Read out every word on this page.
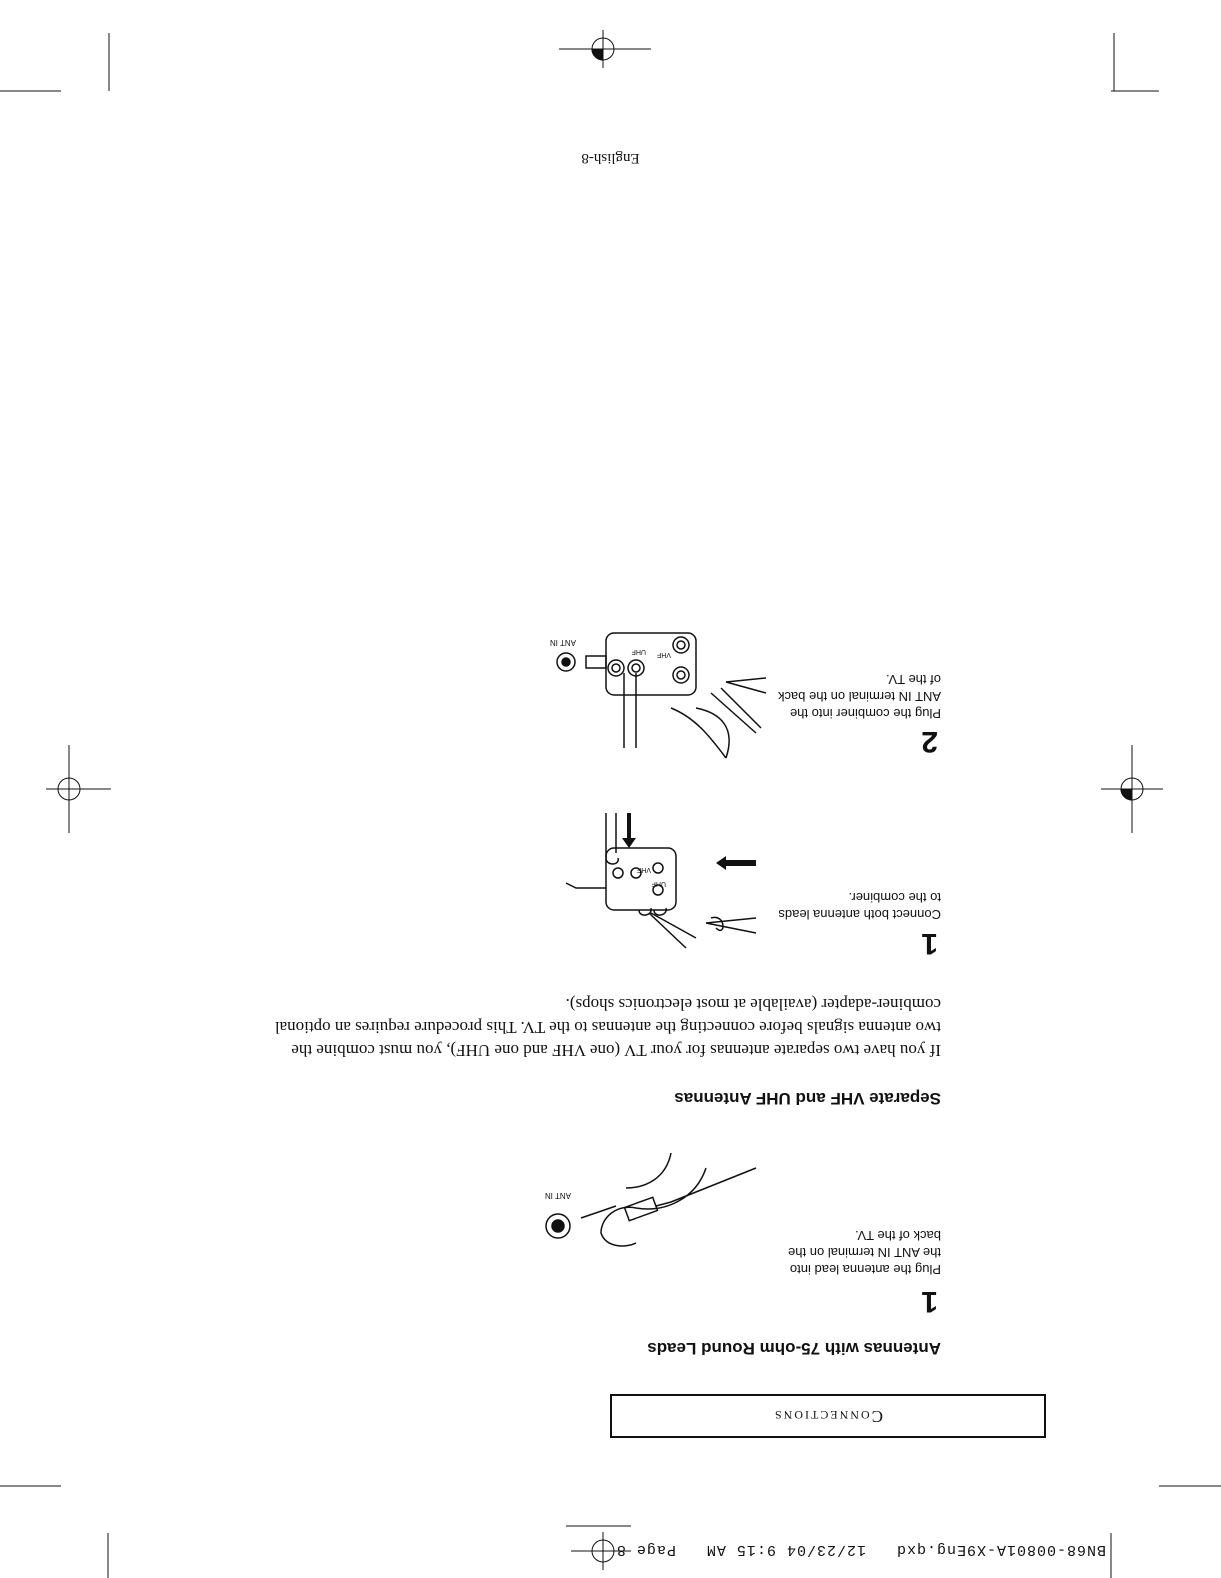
BN68-00801A-X9Eng.qxd   12/23/04 9:15 AM   Page 8
Connections
Antennas with 75-ohm Round Leads
1
Plug the antenna lead into the ANT IN terminal on the back of the TV.
ANT IN
Separate VHF and UHF Antennas
If you have two separate antennas for your TV (one VHF and one UHF), you must combine the two antenna signals before connecting the antennas to the TV. This procedure requires an optional combiner-adapter (available at most electronics shops).
1
Connect both antenna leads to the combiner.
UHF
VHF
2
Plug the combiner into the ANT IN terminal on the back of the TV.
UHF VHF
ANT IN
English-8
